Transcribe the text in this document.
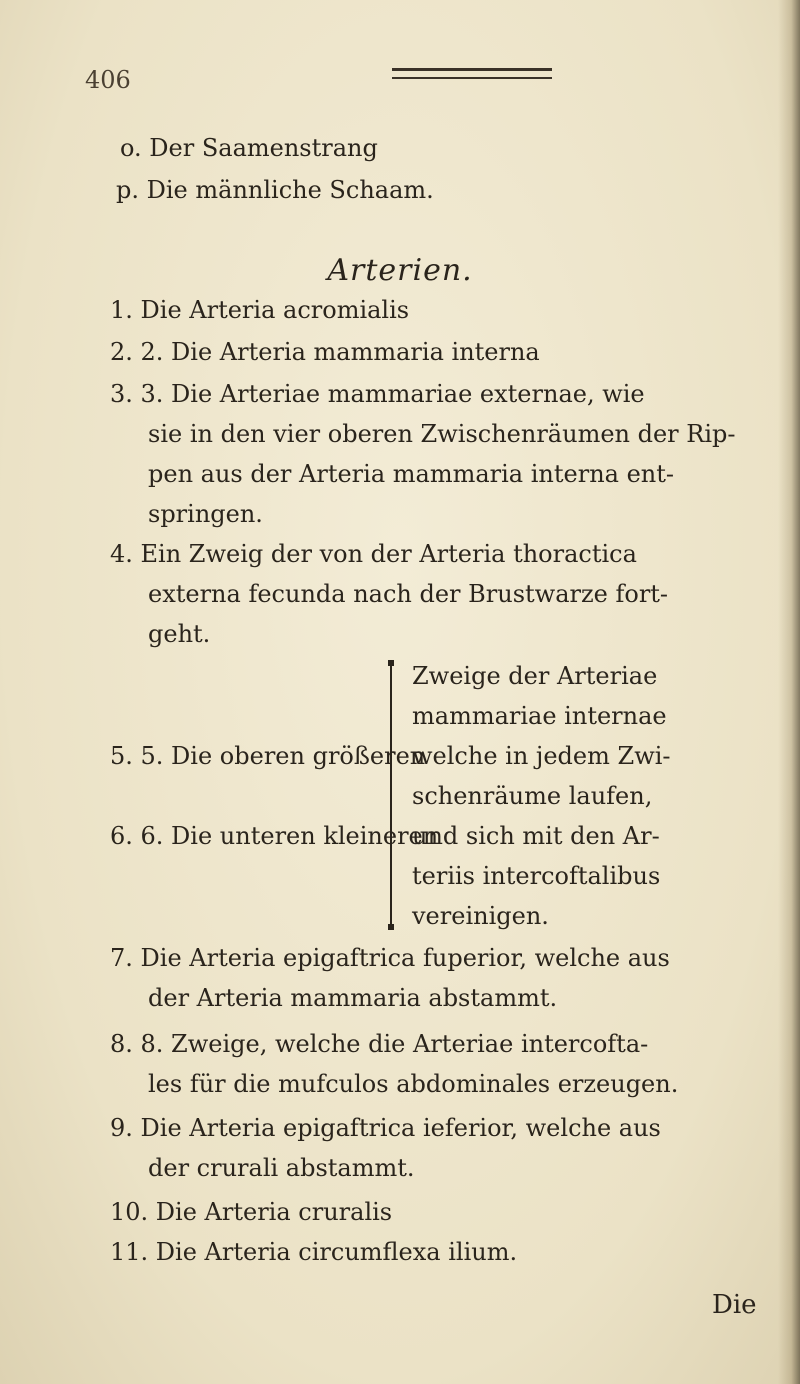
406
o. Der Saamenstrang
p. Die männliche Schaam.
Arterien.
1. Die Arteria acromialis
2. 2. Die Arteria mammaria interna
3. 3. Die Arteriae mammariae externae, wie
sie in den vier oberen Zwischenräumen der Rip-
pen aus der Arteria mammaria interna ent-
springen.
4. Ein Zweig der von der Arteria thoractica
externa fecunda nach der Brustwarze fort-
geht.
Zweige der Arteriae
mammariae internae
welche in jedem Zwi-
schenräume laufen,
und sich mit den Ar-
teriis intercoftalibus
vereinigen.
5. 5. Die oberen größeren
6. 6. Die unteren kleineren
7. Die Arteria epigaftrica fuperior, welche aus
der Arteria mammaria abstammt.
8. 8. Zweige, welche die Arteriae intercofta-
les für die mufculos abdominales erzeugen.
9. Die Arteria epigaftrica ieferior, welche aus
der crurali abstammt.
10. Die Arteria cruralis
11. Die Arteria circumflexa ilium.
Die
